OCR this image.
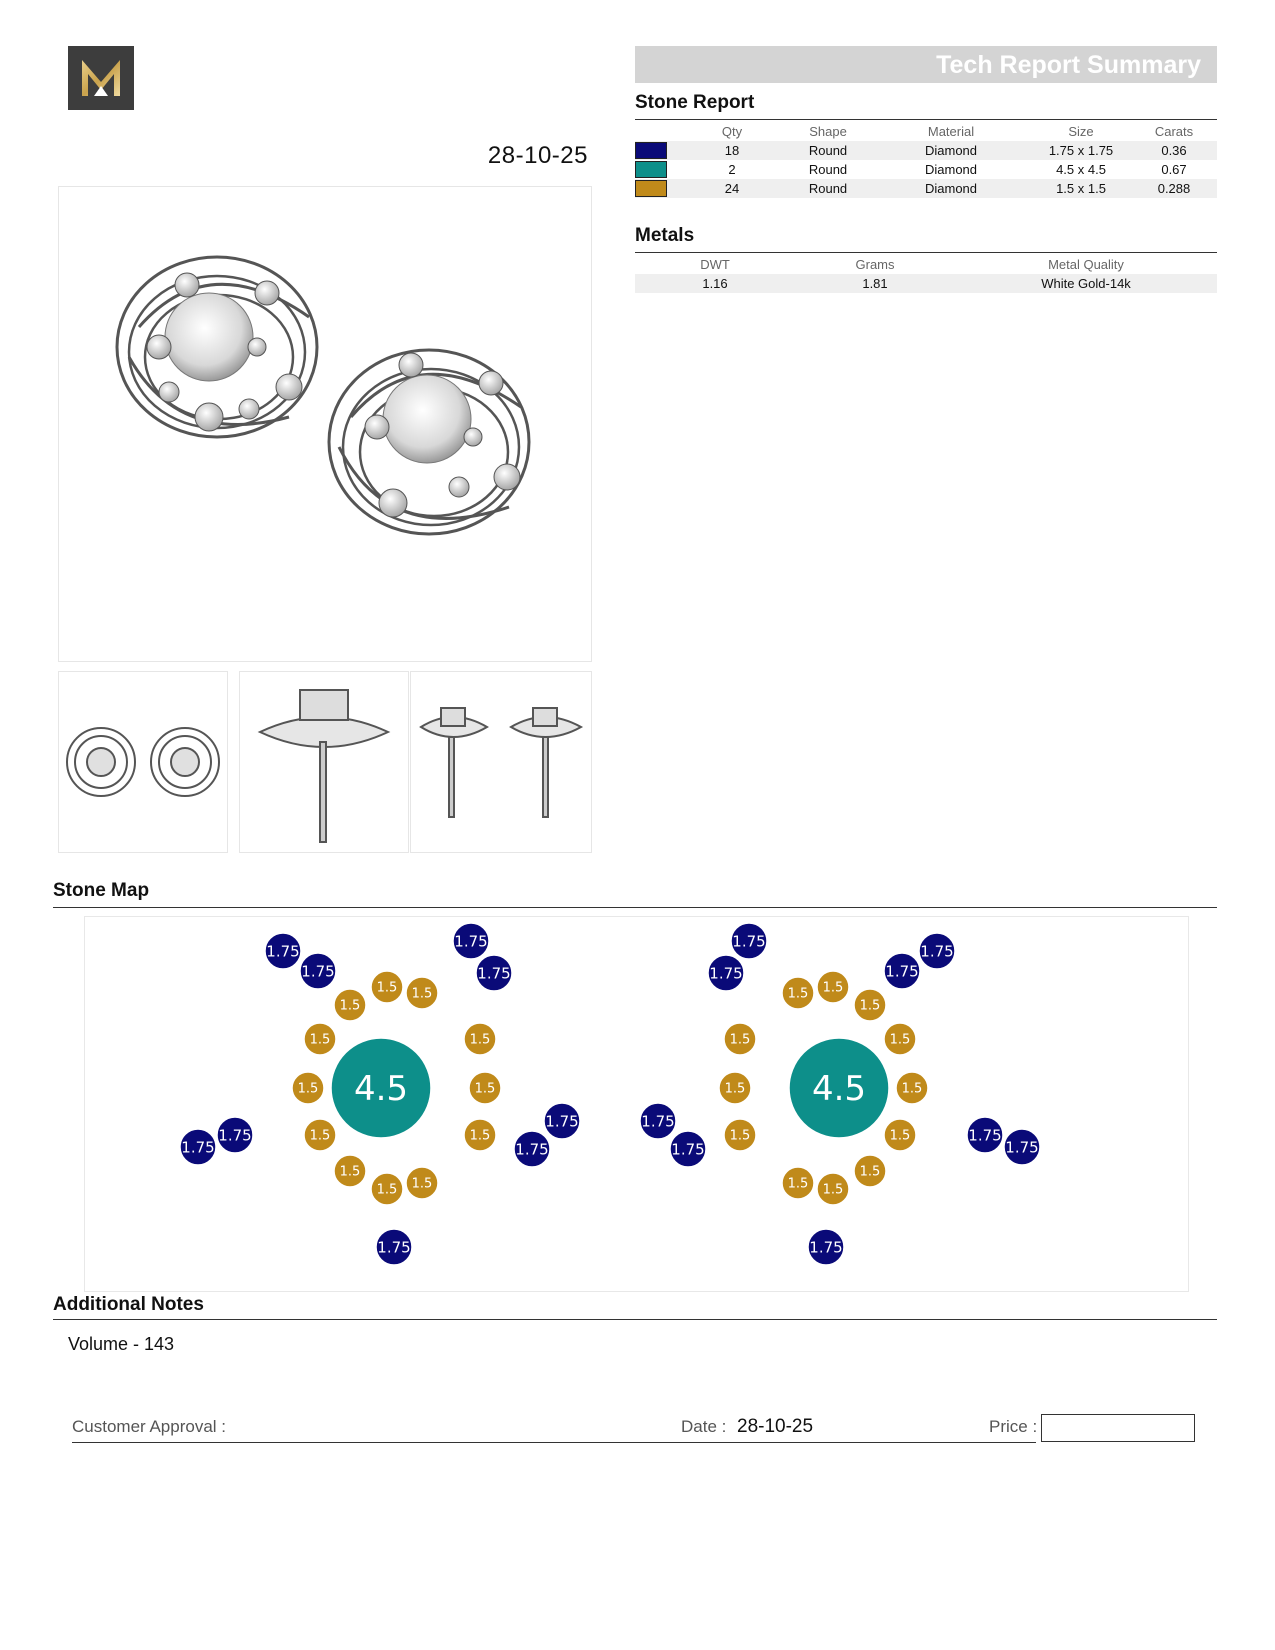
28-10-25
Tech Report Summary
Stone Report
	Qty	Shape	Material	Size	Carats
	18	Round	Diamond	1.75 x 1.75	0.36
	2	Round	Diamond	4.5 x 4.5	0.67
	24	Round	Diamond	1.5 x 1.5	0.288
Metals
DWT	Grams	Metal Quality
1.16	1.81	White Gold-14k
Stone Map
1.75
1.75
1.75
1.75
1.75
1.75
1.75
1.75
1.75
1.5
1.5 1.5
1.5
1.5
1.5
1.5
1.5 1.5
1.5
1.5
1.5
4.5
1.75
1.75
1.75
1.75
1.75
1.75
1.75
1.75
1.75
1.5
1.5
1.5
1.5
1.5
1.5
1.5
1.5
1.5
1.5
1.5
1.5
4.5
Additional Notes
Volume - 143
Customer Approval :	Date : 28-10-25	Price :
